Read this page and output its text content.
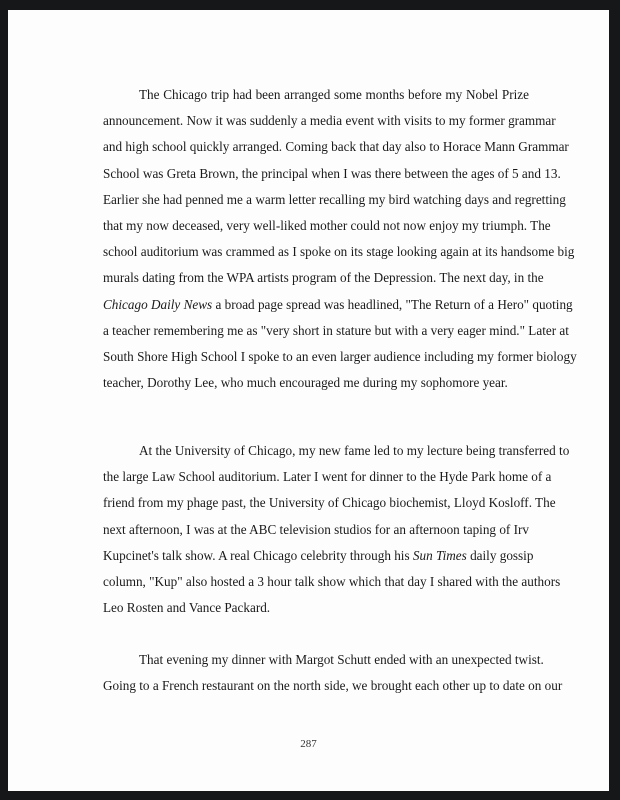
The Chicago trip had been arranged some months before my Nobel Prize
announcement. Now it was suddenly a media event with visits to my former grammar
and high school quickly arranged. Coming back that day also to Horace Mann Grammar
School was Greta Brown, the principal when I was there between the ages of 5 and 13.
Earlier she had penned me a warm letter recalling my bird watching days and regretting
that my now deceased, very well-liked mother could not now enjoy my triumph. The
school auditorium was crammed as I spoke on its stage looking again at its handsome big
murals dating from the WPA artists program of the Depression. The next day, in the
Chicago Daily News a broad page spread was headlined, "The Return of a Hero" quoting
a teacher remembering me as "very short in stature but with a very eager mind." Later at
South Shore High School I spoke to an even larger audience including my former biology
teacher, Dorothy Lee, who much encouraged me during my sophomore year.
At the University of Chicago, my new fame led to my lecture being transferred to
the large Law School auditorium. Later I went for dinner to the Hyde Park home of a
friend from my phage past, the University of Chicago biochemist, Lloyd Kosloff. The
next afternoon, I was at the ABC television studios for an afternoon taping of Irv
Kupcinet's talk show. A real Chicago celebrity through his Sun Times daily gossip
column, "Kup" also hosted a 3 hour talk show which that day I shared with the authors
Leo Rosten and Vance Packard.
That evening my dinner with Margot Schutt ended with an unexpected twist.
Going to a French restaurant on the north side, we brought each other up to date on our
287
